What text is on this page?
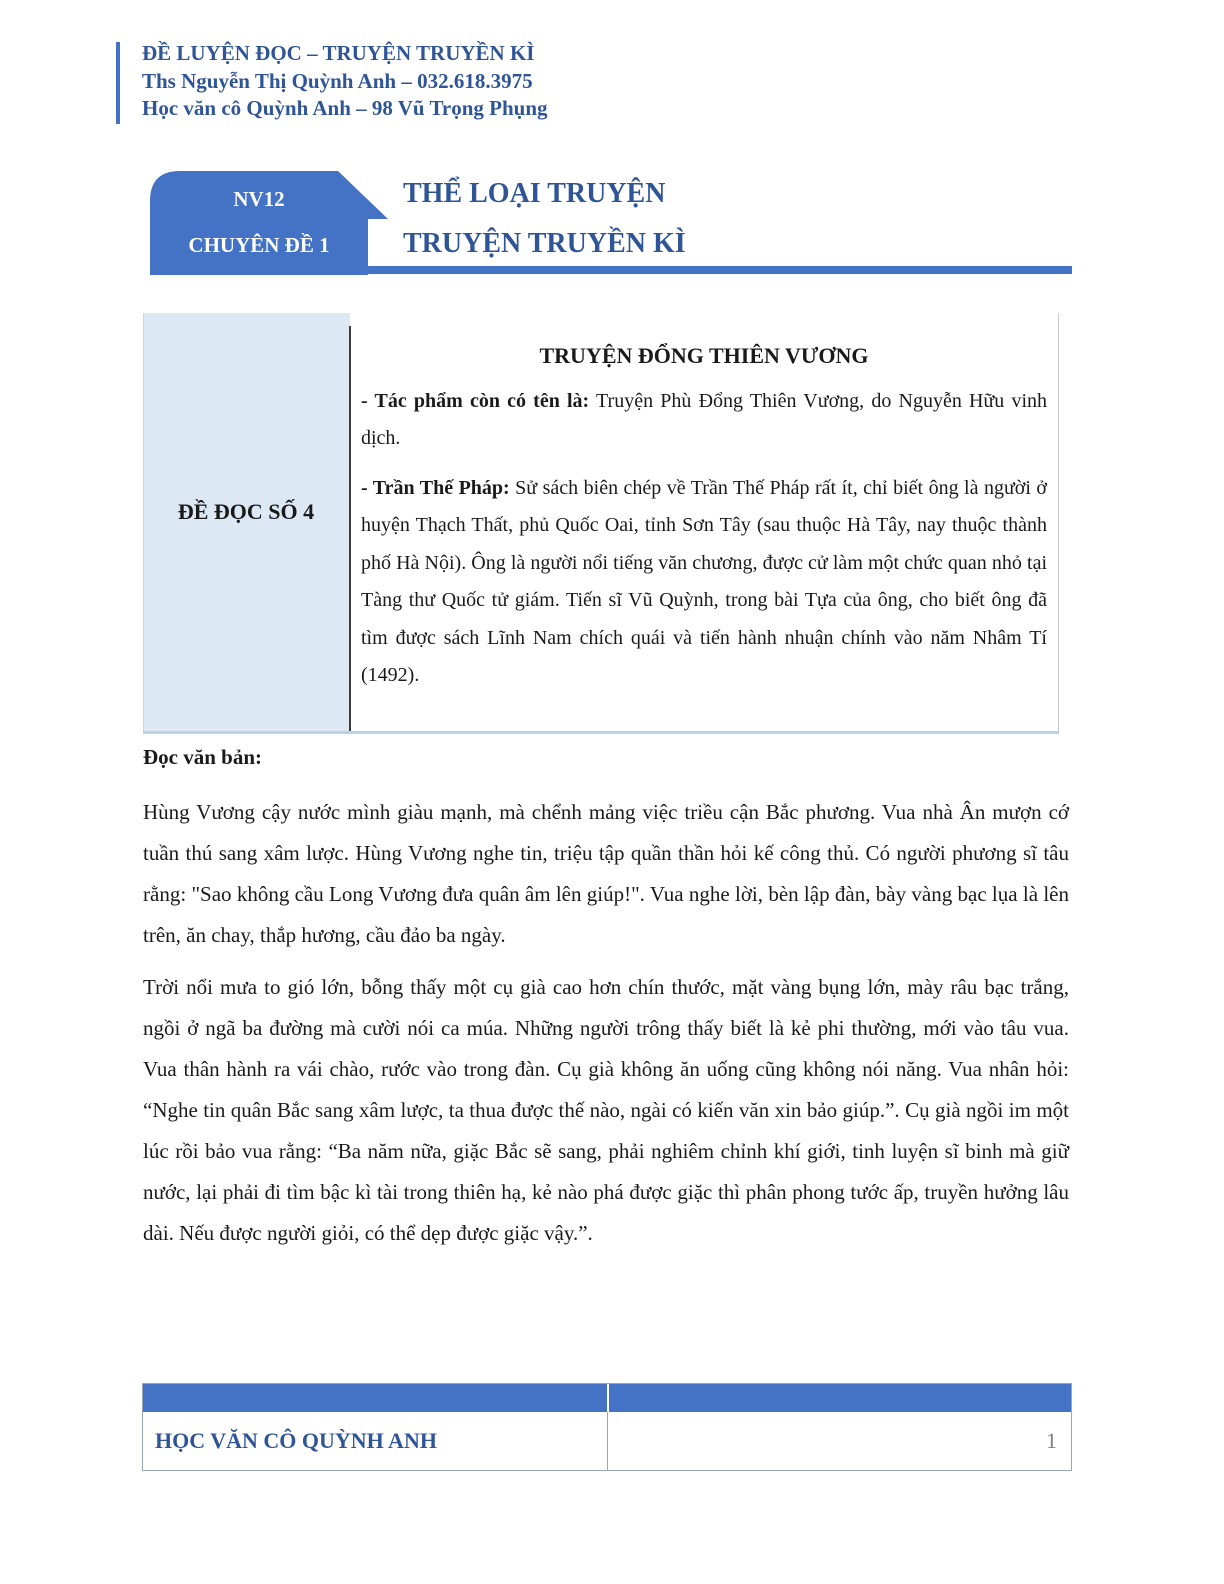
ĐỀ LUYỆN ĐỌC – TRUYỆN TRUYỀN KÌ
Ths Nguyễn Thị Quỳnh Anh – 032.618.3975
Học văn cô Quỳnh Anh – 98 Vũ Trọng Phụng
NV12
CHUYÊN ĐỀ 1
THỂ LOẠI TRUYỆN
TRUYỆN TRUYỀN KÌ
ĐỀ ĐỌC SỐ 4
TRUYỆN ĐỔNG THIÊN VƯƠNG

- Tác phẩm còn có tên là: Truyện Phù Đổng Thiên Vương, do Nguyễn Hữu vinh dịch.

- Trần Thế Pháp: Sử sách biên chép về Trần Thế Pháp rất ít, chỉ biết ông là người ở huyện Thạch Thất, phủ Quốc Oai, tỉnh Sơn Tây (sau thuộc Hà Tây, nay thuộc thành phố Hà Nội). Ông là người nổi tiếng văn chương, được cử làm một chức quan nhỏ tại Tàng thư Quốc tử giám. Tiến sĩ Vũ Quỳnh, trong bài Tựa của ông, cho biết ông đã tìm được sách Lĩnh Nam chích quái và tiến hành nhuận chính vào năm Nhâm Tí (1492).

Đọc văn bản:

Hùng Vương cậy nước mình giàu mạnh, mà chểnh mảng việc triều cận Bắc phương. Vua nhà Ân mượn cớ tuần thú sang xâm lược. Hùng Vương nghe tin, triệu tập quần thần hỏi kế công thủ. Có người phương sĩ tâu rằng: "Sao không cầu Long Vương đưa quân âm lên giúp!". Vua nghe lời, bèn lập đàn, bày vàng bạc lụa là lên trên, ăn chay, thắp hương, cầu đảo ba ngày.

Trời nổi mưa to gió lớn, bỗng thấy một cụ già cao hơn chín thước, mặt vàng bụng lớn, mày râu bạc trắng, ngồi ở ngã ba đường mà cười nói ca múa. Những người trông thấy biết là kẻ phi thường, mới vào tâu vua. Vua thân hành ra vái chào, rước vào trong đàn. Cụ già không ăn uống cũng không nói năng. Vua nhân hỏi: “Nghe tin quân Bắc sang xâm lược, ta thua được thế nào, ngài có kiến văn xin bảo giúp.”. Cụ già ngồi im một lúc rồi bảo vua rằng: “Ba năm nữa, giặc Bắc sẽ sang, phải nghiêm chỉnh khí giới, tinh luyện sĩ binh mà giữ nước, lại phải đi tìm bậc kì tài trong thiên hạ, kẻ nào phá được giặc thì phân phong tước ấp, truyền hưởng lâu dài. Nếu được người giỏi, có thể dẹp được giặc vậy.”.

HỌC VĂN CÔ QUỲNH ANH	1
